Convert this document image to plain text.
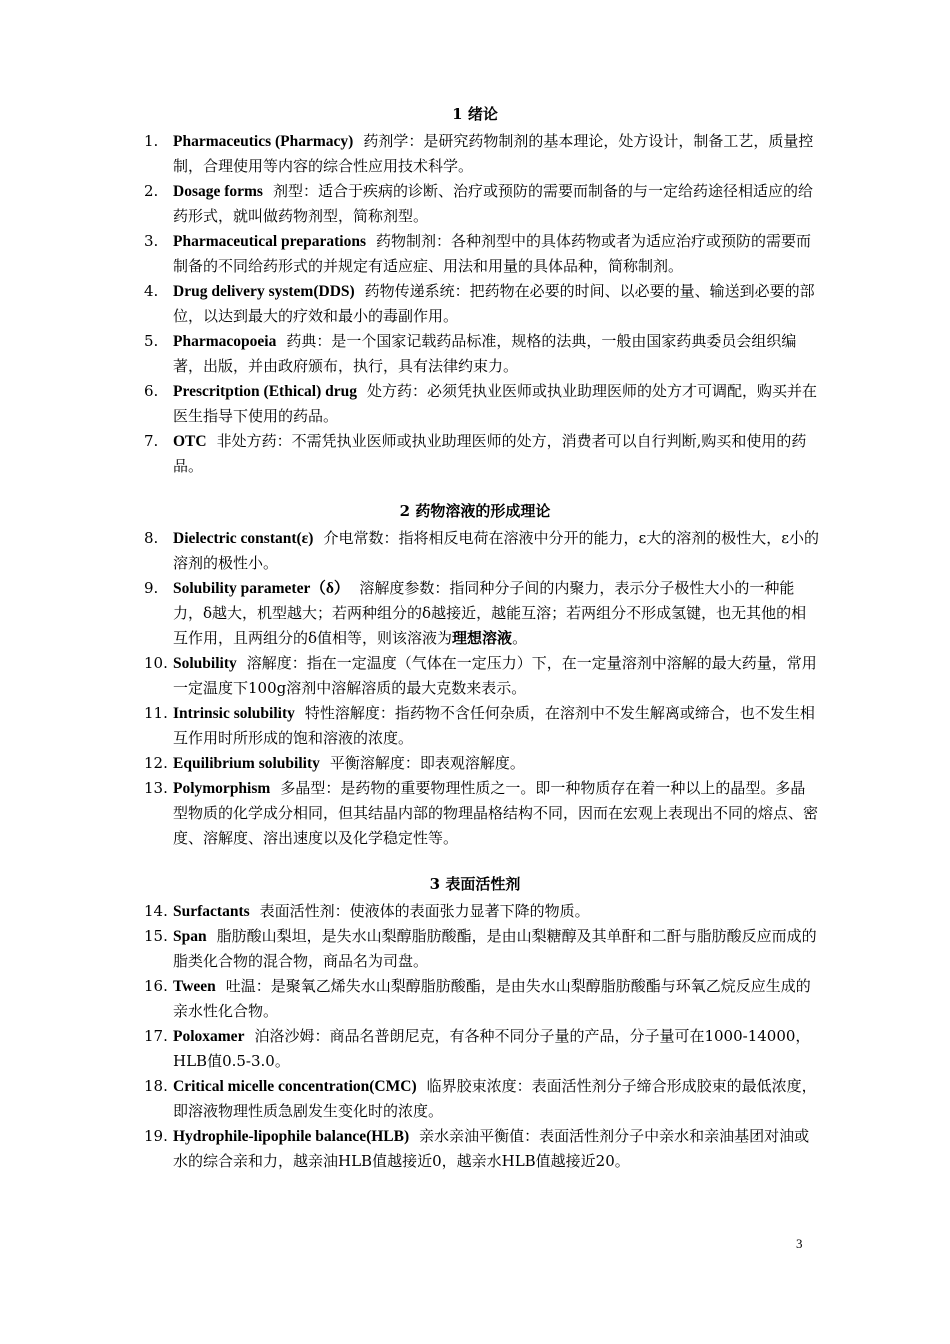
1 绪论
1. Pharmaceutics (Pharmacy) 药剂学：是研究药物制剂的基本理论，处方设计，制备工艺，质量控制，合理使用等内容的综合性应用技术科学。
2. Dosage forms 剂型：适合于疾病的诊断、治疗或预防的需要而制备的与一定给药途径相适应的给药形式，就叫做药物剂型，简称剂型。
3. Pharmaceutical preparations 药物制剂：各种剂型中的具体药物或者为适应治疗或预防的需要而制备的不同给药形式的并规定有适应症、用法和用量的具体品种，简称制剂。
4. Drug delivery system(DDS) 药物传递系统：把药物在必要的时间、以必要的量、输送到必要的部位，以达到最大的疗效和最小的毒副作用。
5. Pharmacopoeia 药典：是一个国家记载药品标准，规格的法典，一般由国家药典委员会组织编著，出版，并由政府颁布，执行，具有法律约束力。
6. Prescritption (Ethical) drug 处方药：必须凭执业医师或执业助理医师的处方才可调配，购买并在医生指导下使用的药品。
7. OTC 非处方药：不需凭执业医师或执业助理医师的处方，消费者可以自行判断,购买和使用的药品。
2 药物溶液的形成理论
8. Dielectric constant(ε) 介电常数：指将相反电荷在溶液中分开的能力，ε大的溶剂的极性大，ε小的溶剂的极性小。
9. Solubility parameter（δ） 溶解度参数：指同种分子间的内聚力，表示分子极性大小的一种能力，δ越大，机型越大；若两种组分的δ越接近，越能互溶；若两组分不形成氢键，也无其他的相互作用，且两组分的δ值相等，则该溶液为理想溶液。
10. Solubility 溶解度：指在一定温度（气体在一定压力）下，在一定量溶剂中溶解的最大药量，常用一定温度下100g溶剂中溶解溶质的最大克数来表示。
11. Intrinsic solubility 特性溶解度：指药物不含任何杂质，在溶剂中不发生解离或缔合，也不发生相互作用时所形成的饱和溶液的浓度。
12. Equilibrium solubility 平衡溶解度：即表观溶解度。
13. Polymorphism 多晶型：是药物的重要物理性质之一。即一种物质存在着一种以上的晶型。多晶型物质的化学成分相同，但其结晶内部的物理晶格结构不同，因而在宏观上表现出不同的熔点、密度、溶解度、溶出速度以及化学稳定性等。
3 表面活性剂
14. Surfactants 表面活性剂：使液体的表面张力显著下降的物质。
15. Span 脂肪酸山梨坦，是失水山梨醇脂肪酸酯，是由山梨糖醇及其单酐和二酐与脂肪酸反应而成的脂类化合物的混合物，商品名为司盘。
16. Tween 吐温：是聚氧乙烯失水山梨醇脂肪酸酯，是由失水山梨醇脂肪酸酯与环氧乙烷反应生成的亲水性化合物。
17. Poloxamer 泊洛沙姆：商品名普朗尼克，有各种不同分子量的产品，分子量可在1000-14000，HLB值0.5-3.0。
18. Critical micelle concentration(CMC) 临界胶束浓度：表面活性剂分子缔合形成胶束的最低浓度，即溶液物理性质急剧发生变化时的浓度。
19. Hydrophile-lipophile balance(HLB) 亲水亲油平衡值：表面活性剂分子中亲水和亲油基团对油或水的综合亲和力，越亲油HLB值越接近0，越亲水HLB值越接近20。
3
